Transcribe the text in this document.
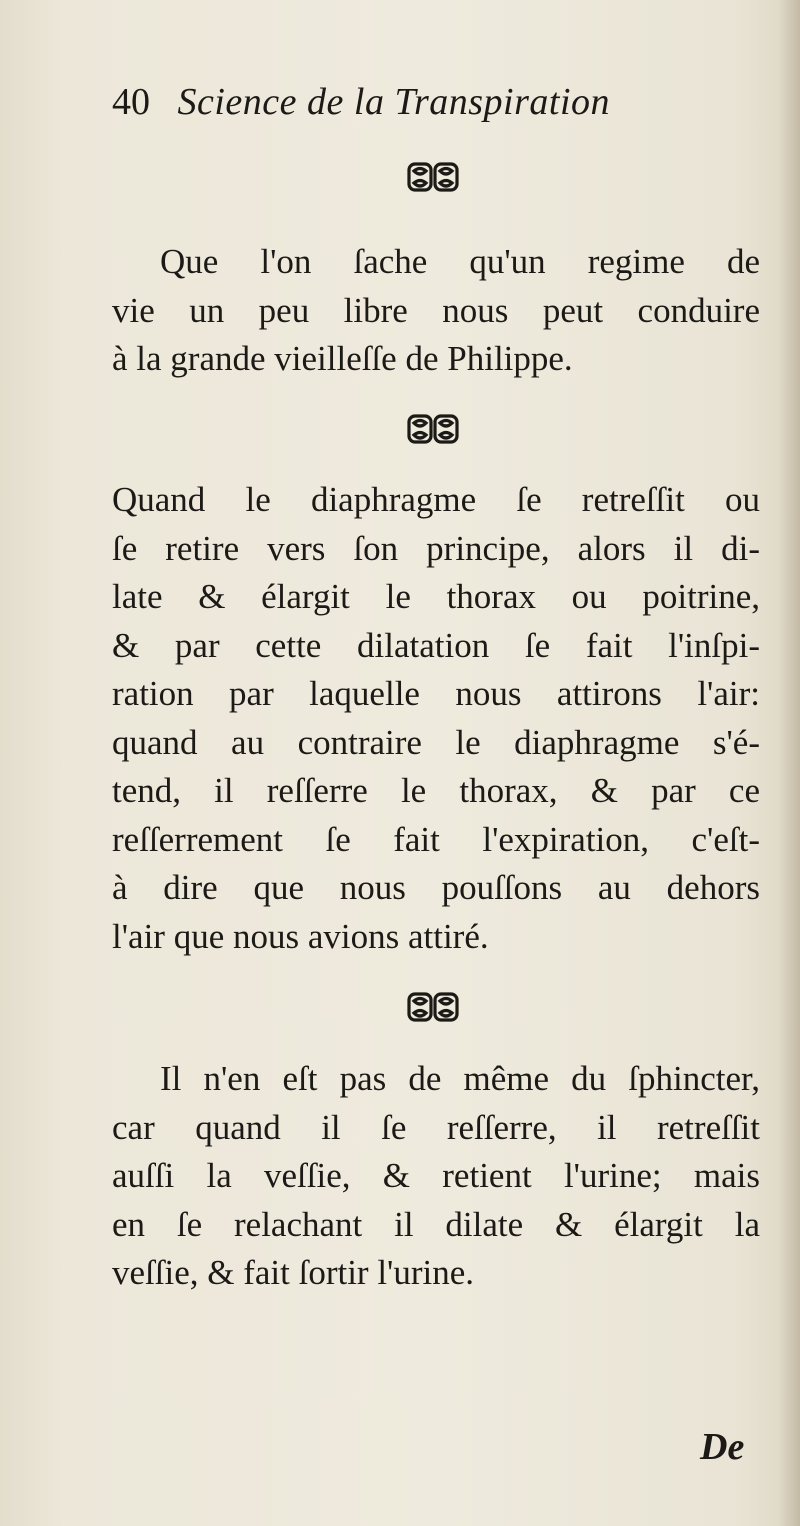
40 Science de la Transpiration
Que l'on ſache qu'un regime de
vie un peu libre nous peut conduire
à la grande vieilleſſe de Philippe.
Quand le diaphragme ſe retreſſit ou
ſe retire vers ſon principe, alors il di-
late & élargit le thorax ou poitrine,
& par cette dilatation ſe fait l'inſpi-
ration par laquelle nous attirons l'air:
quand au contraire le diaphragme s'é-
tend, il reſſerre le thorax, & par ce
reſſerrement ſe fait l'expiration, c'eſt-
à dire que nous pouſſons au dehors
l'air que nous avions attiré.
Il n'en eſt pas de même du ſphincter,
car quand il ſe reſſerre, il retreſſit
auſſi la veſſie, & retient l'urine; mais
en ſe relachant il dilate & élargit la
veſſie, & fait ſortir l'urine.
De
